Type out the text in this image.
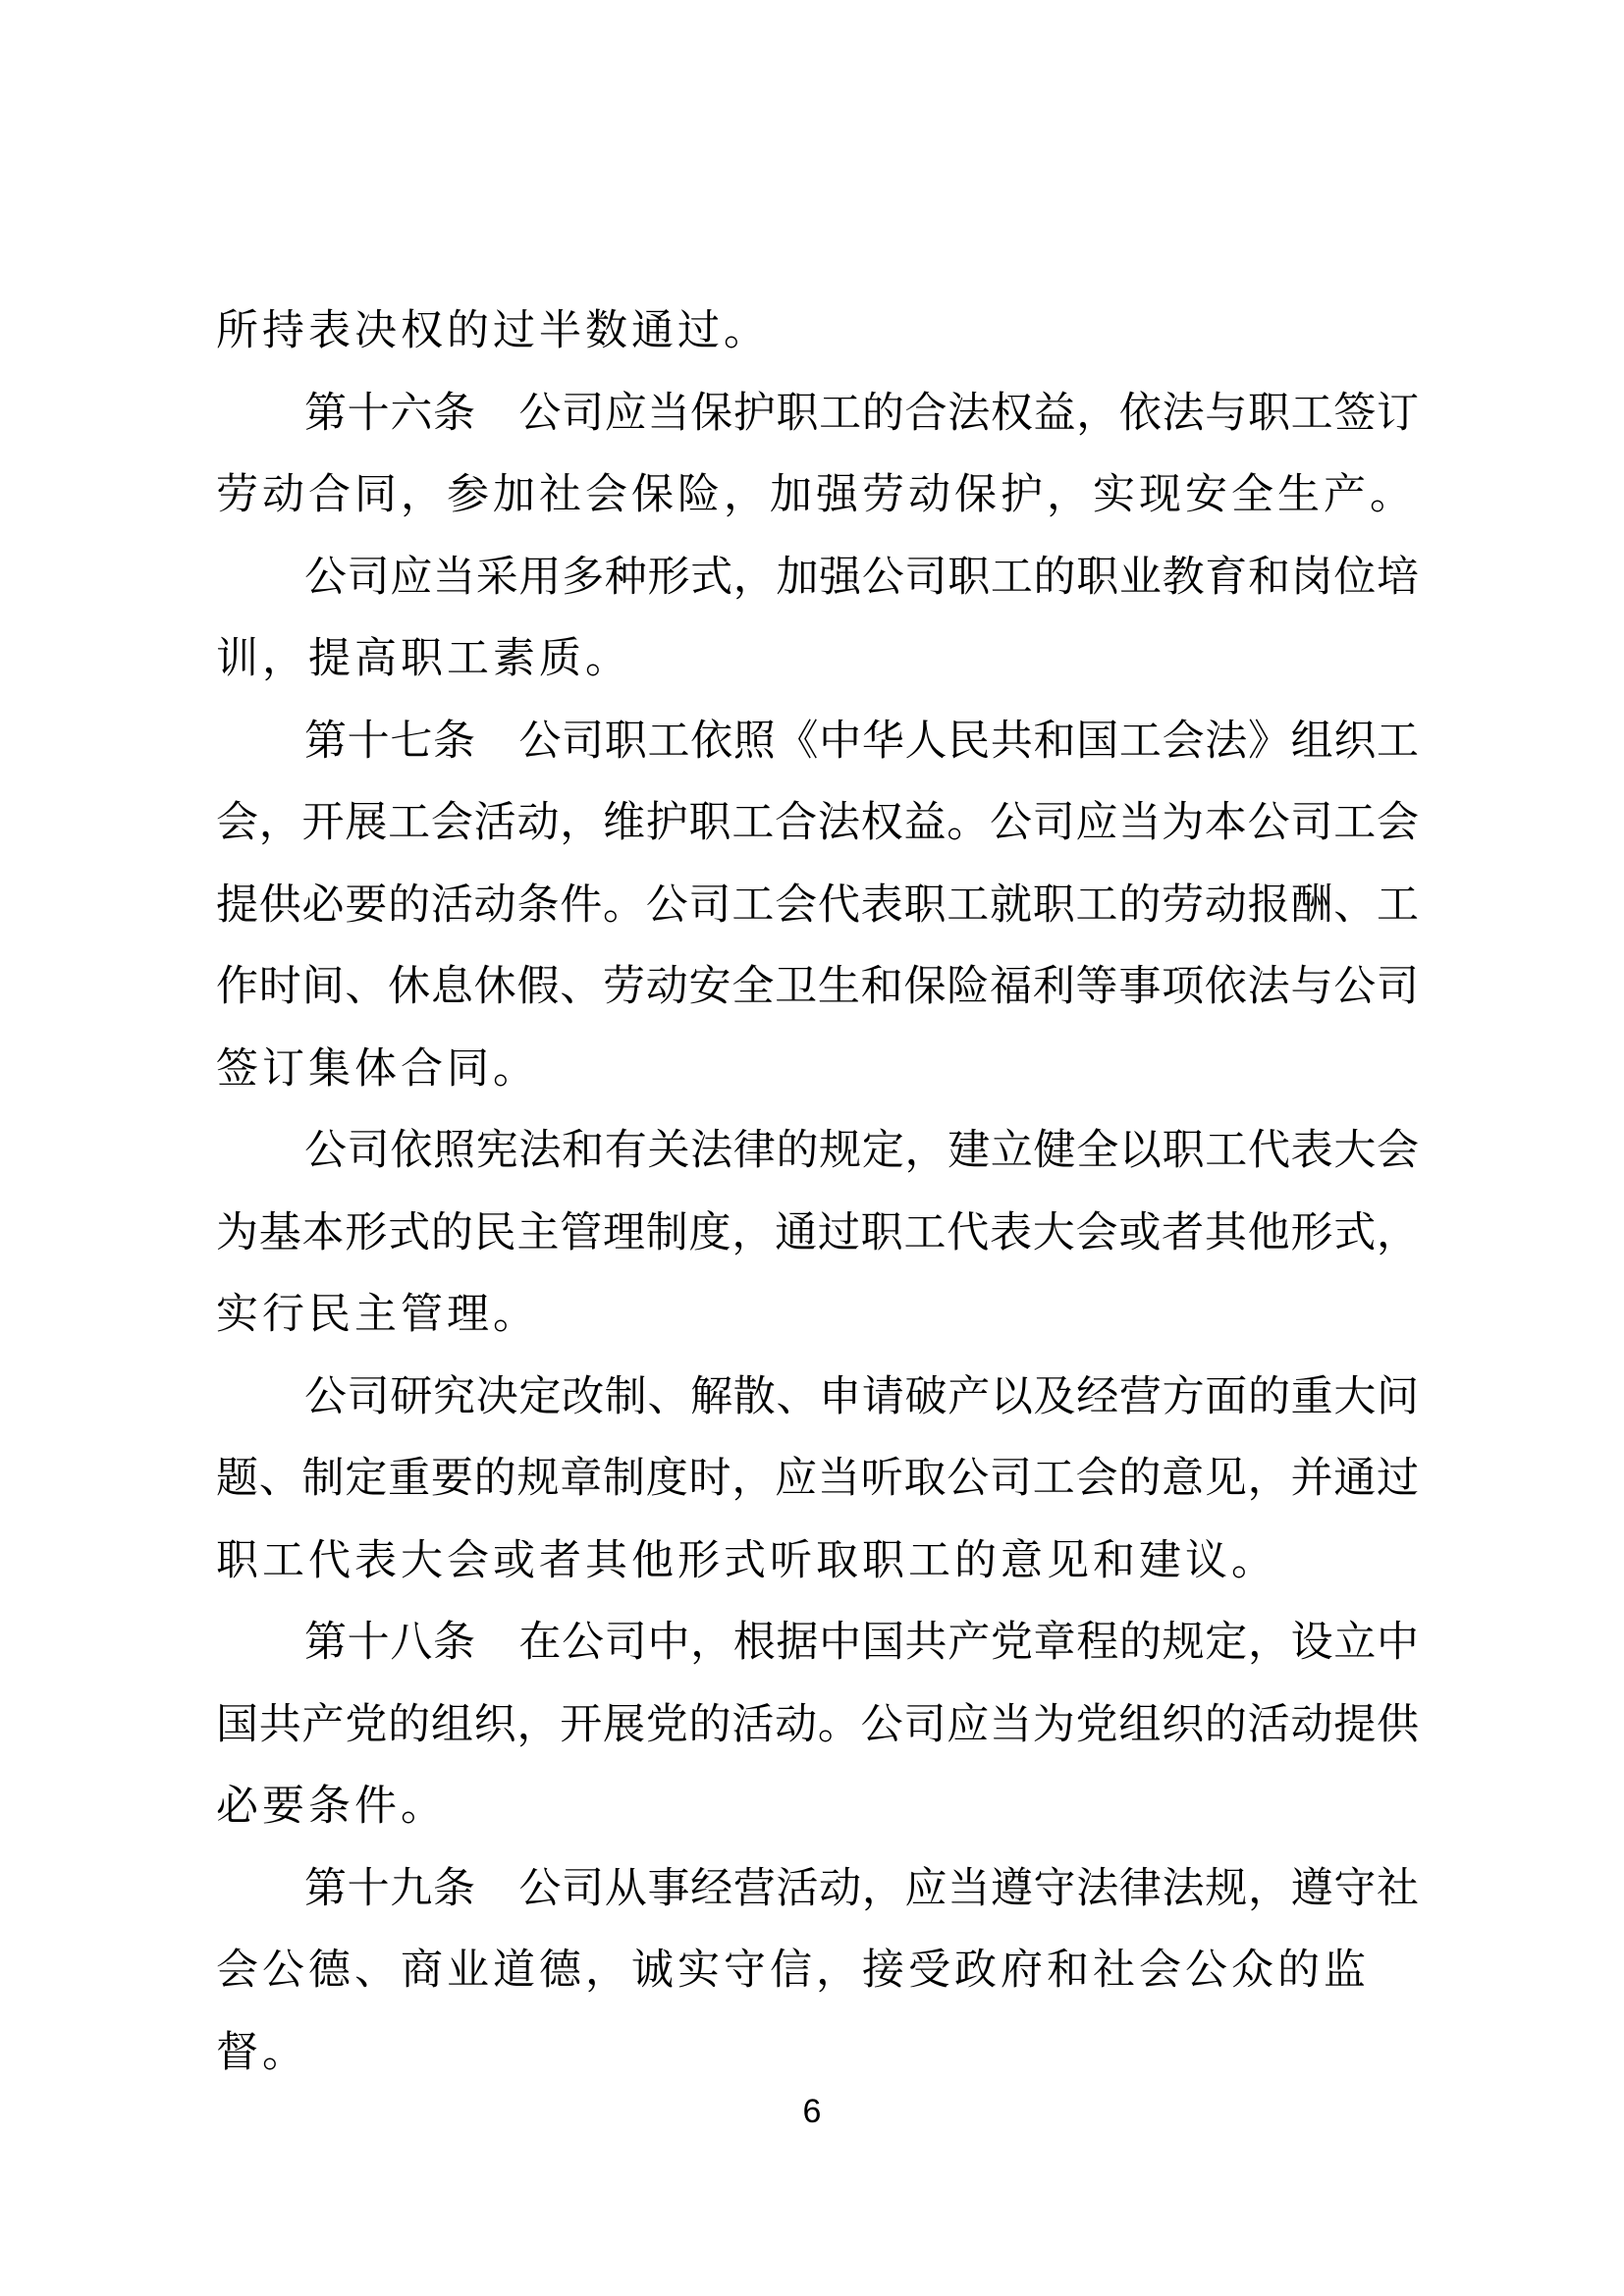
所持表决权的过半数通过。
第十六条　公司应当保护职工的合法权益，依法与职工签订
劳动合同，参加社会保险，加强劳动保护，实现安全生产。
公司应当采用多种形式，加强公司职工的职业教育和岗位培
训，提高职工素质。
第十七条　公司职工依照《中华人民共和国工会法》组织工
会，开展工会活动，维护职工合法权益。公司应当为本公司工会
提供必要的活动条件。公司工会代表职工就职工的劳动报酬、工
作时间、休息休假、劳动安全卫生和保险福利等事项依法与公司
签订集体合同。
公司依照宪法和有关法律的规定，建立健全以职工代表大会
为基本形式的民主管理制度，通过职工代表大会或者其他形式，
实行民主管理。
公司研究决定改制、解散、申请破产以及经营方面的重大问
题、制定重要的规章制度时，应当听取公司工会的意见，并通过
职工代表大会或者其他形式听取职工的意见和建议。
第十八条　在公司中，根据中国共产党章程的规定，设立中
国共产党的组织，开展党的活动。公司应当为党组织的活动提供
必要条件。
第十九条　公司从事经营活动，应当遵守法律法规，遵守社
会公德、商业道德，诚实守信，接受政府和社会公众的监督。
6
